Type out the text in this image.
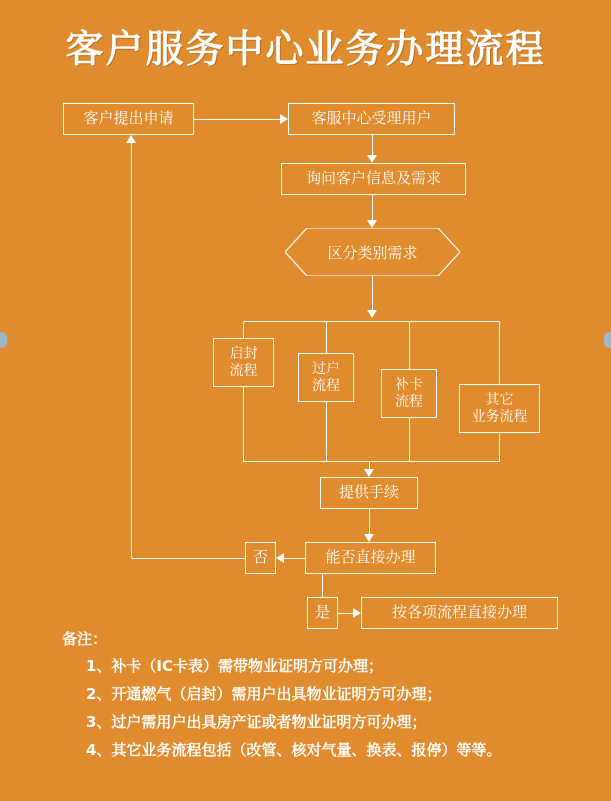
客户服务中心业务办理流程
客户提出申请	客服中心受理用户
询问客户信息及需求
区分类别需求
启封
流程	过户
流程	补卡
流程	其它
业务流程
提供手续
能否直接办理
否
是	按各项流程直接办理
备注：
1、补卡（IC卡表）需带物业证明方可办理；
2、开通燃气（启封）需用户出具物业证明方可办理；
3、过户需用户出具房产证或者物业证明方可办理；
4、其它业务流程包括（改管、核对气量、换表、报停）等等。
